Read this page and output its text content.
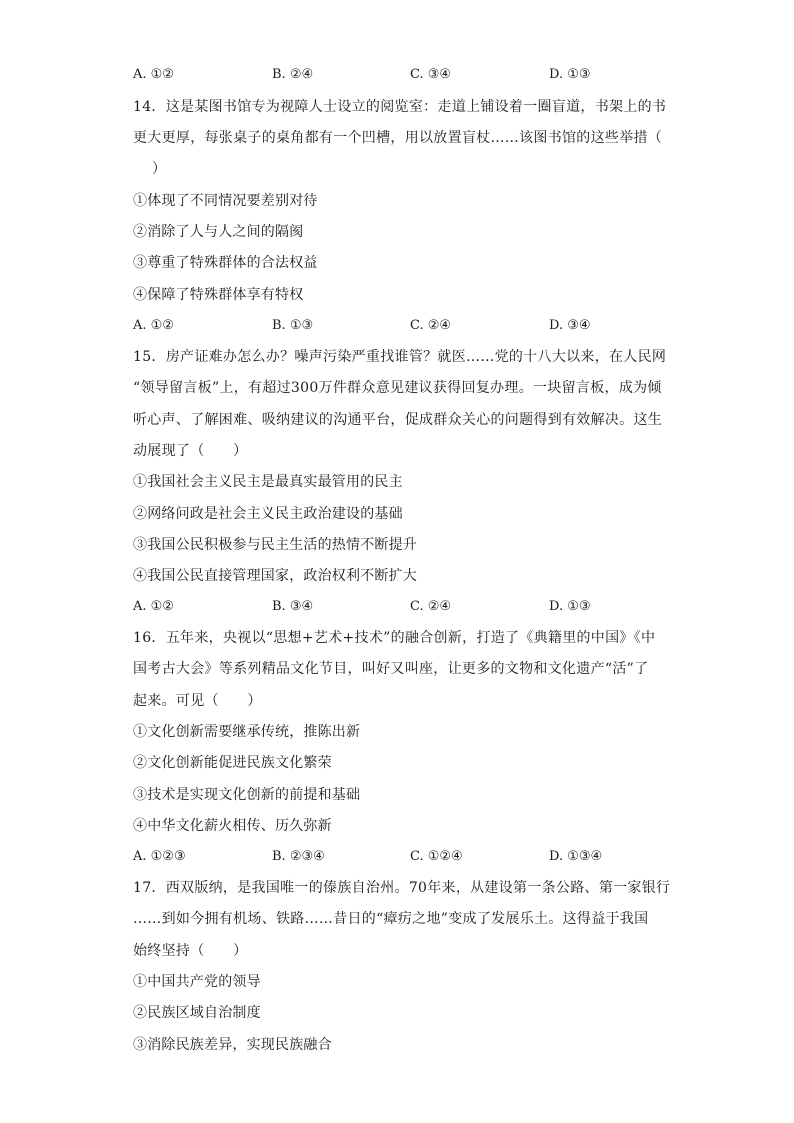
A. ①②	B. ②④	C. ③④	D. ①③
14．这是某图书馆专为视障人士设立的阅览室：走道上铺设着一圈盲道，书架上的书
更大更厚，每张桌子的桌角都有一个凹槽，用以放置盲杖……该图书馆的这些举措（
）
①体现了不同情况要差别对待
②消除了人与人之间的隔阂
③尊重了特殊群体的合法权益
④保障了特殊群体享有特权
A. ①②	B. ①③	C. ②④	D. ③④
15．房产证难办怎么办？噪声污染严重找谁管？就医……党的十八大以来，在人民网
“领导留言板”上，有超过300万件群众意见建议获得回复办理。一块留言板，成为倾
听心声、了解困难、吸纳建议的沟通平台，促成群众关心的问题得到有效解决。这生
动展现了（　　）
①我国社会主义民主是最真实最管用的民主
②网络问政是社会主义民主政治建设的基础
③我国公民积极参与民主生活的热情不断提升
④我国公民直接管理国家，政治权利不断扩大
A. ①②	B. ③④	C. ②④	D. ①③
16．五年来，央视以“思想+艺术+技术”的融合创新，打造了《典籍里的中国》《中
国考古大会》等系列精品文化节目，叫好又叫座，让更多的文物和文化遗产“活”了
起来。可见（　　）
①文化创新需要继承传统，推陈出新
②文化创新能促进民族文化繁荣
③技术是实现文化创新的前提和基础
④中华文化薪火相传、历久弥新
A. ①②③	B. ②③④	C. ①②④	D. ①③④
17．西双版纳，是我国唯一的傣族自治州。70年来，从建设第一条公路、第一家银行
……到如今拥有机场、铁路……昔日的“瘴疠之地”变成了发展乐土。这得益于我国
始终坚持（　　）
①中国共产党的领导
②民族区域自治制度
③消除民族差异，实现民族融合
